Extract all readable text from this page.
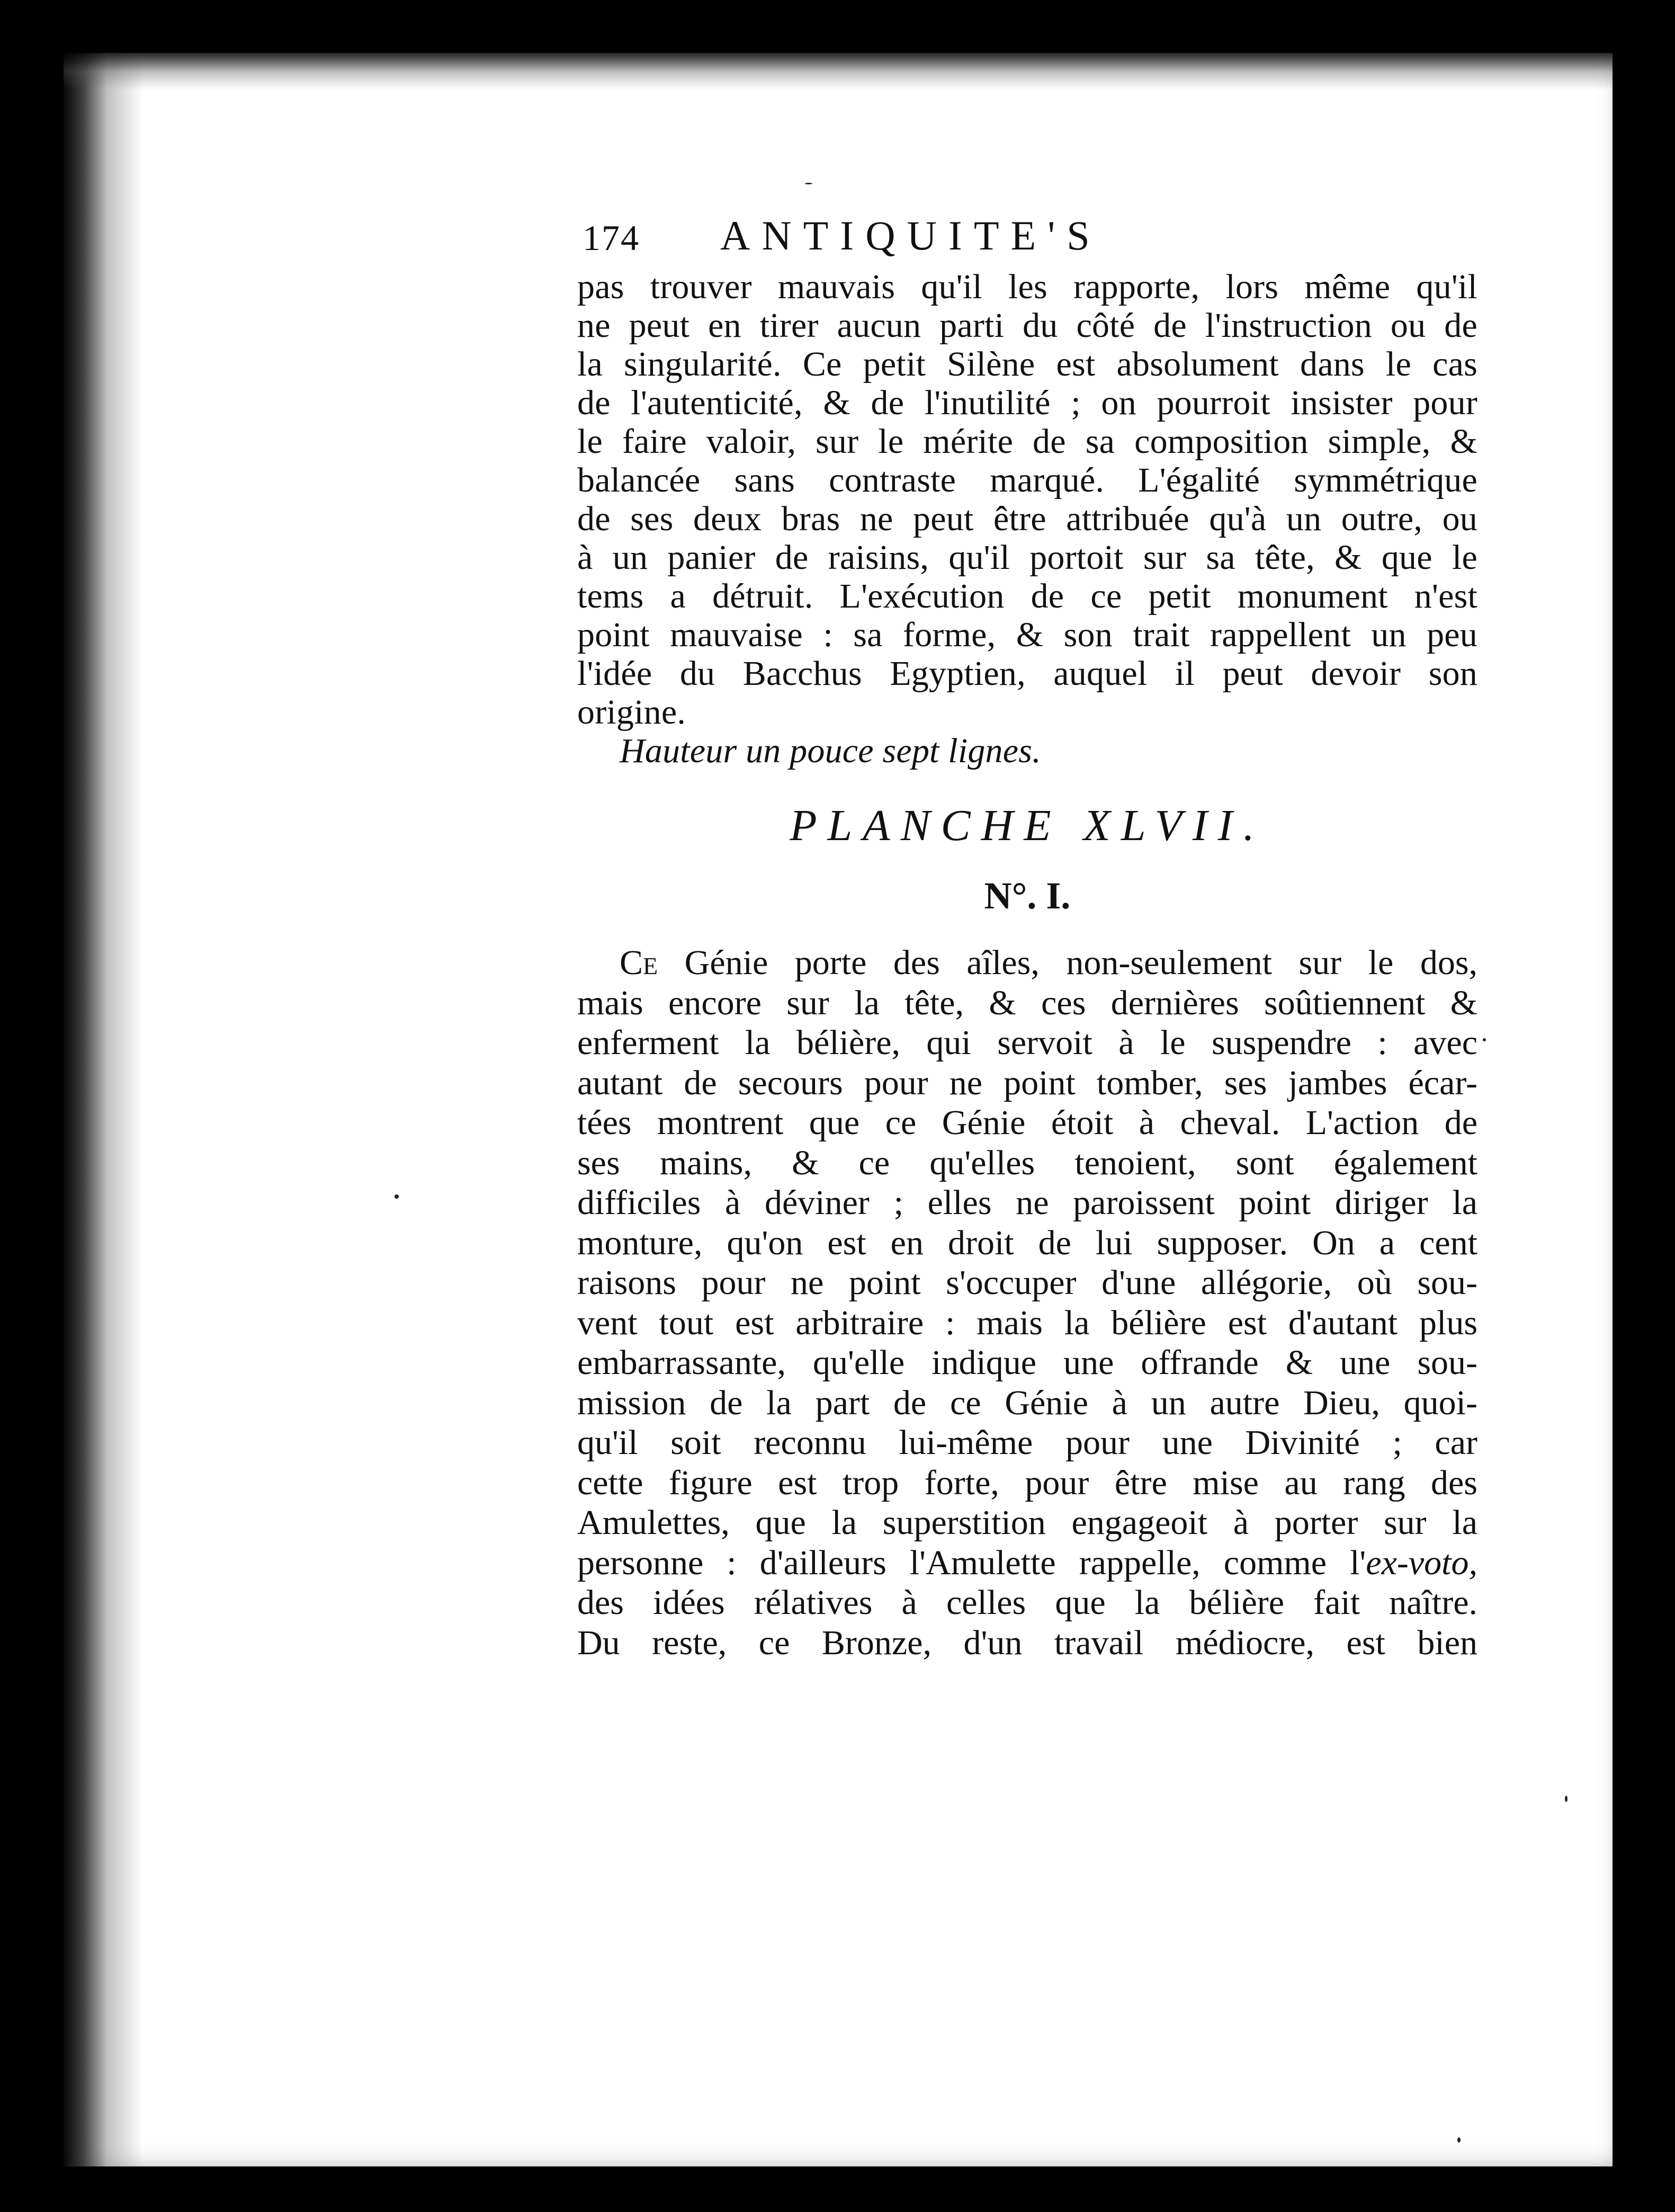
174 ANTIQUITE'S
pas trouver mauvais qu'il les rapporte, lors même qu'il
ne peut en tirer aucun parti du côté de l'instruction ou de
la singularité. Ce petit Silène est absolument dans le cas
de l'autenticité, & de l'inutilité ; on pourroit insister pour
le faire valoir, sur le mérite de sa composition simple, &
balancée sans contraste marqué. L'égalité symmétrique
de ses deux bras ne peut être attribuée qu'à un outre, ou
à un panier de raisins, qu'il portoit sur sa tête, & que le
tems a détruit. L'exécution de ce petit monument n'est
point mauvaise : sa forme, & son trait rappellent un peu
l'idée du Bacchus Egyptien, auquel il peut devoir son
origine.
Hauteur un pouce sept lignes.
PLANCHE XLVII.
N°. I.
Ce Génie porte des aîles, non-seulement sur le dos,
mais encore sur la tête, & ces dernières soûtiennent &
enferment la bélière, qui servoit à le suspendre : avec
autant de secours pour ne point tomber, ses jambes écar-
tées montrent que ce Génie étoit à cheval. L'action de
ses mains, & ce qu'elles tenoient, sont également
difficiles à déviner ; elles ne paroissent point diriger la
monture, qu'on est en droit de lui supposer. On a cent
raisons pour ne point s'occuper d'une allégorie, où sou-
vent tout est arbitraire : mais la bélière est d'autant plus
embarrassante, qu'elle indique une offrande & une sou-
mission de la part de ce Génie à un autre Dieu, quoi-
qu'il soit reconnu lui-même pour une Divinité ; car
cette figure est trop forte, pour être mise au rang des
Amulettes, que la superstition engageoit à porter sur la
personne : d'ailleurs l'Amulette rappelle, comme l'ex-voto,
des idées rélatives à celles que la bélière fait naître.
Du reste, ce Bronze, d'un travail médiocre, est bien
